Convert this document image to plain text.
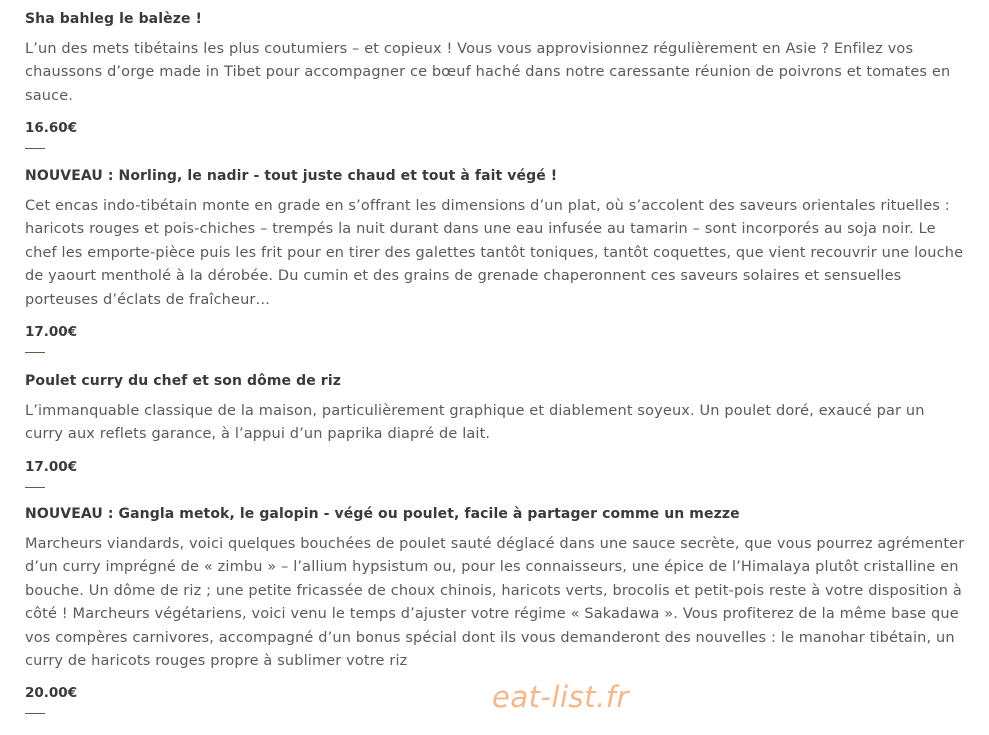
Sha bahleg le balèze !

L’un des mets tibétains les plus coutumiers – et copieux ! Vous vous approvisionnez régulièrement en Asie ? Enfilez vos chaussons d’orge made in Tibet pour accompagner ce bœuf haché dans notre caressante réunion de poivrons et tomates en sauce.

16.60€

NOUVEAU : Norling, le nadir - tout juste chaud et tout à fait végé !

Cet encas indo-tibétain monte en grade en s’offrant les dimensions d’un plat, où s’accolent des saveurs orientales rituelles : haricots rouges et pois-chiches – trempés la nuit durant dans une eau infusée au tamarin – sont incorporés au soja noir. Le chef les emporte-pièce puis les frit pour en tirer des galettes tantôt toniques, tantôt coquettes, que vient recouvrir une louche de yaourt mentholé à la dérobée. Du cumin et des grains de grenade chaperonnent ces saveurs solaires et sensuelles porteuses d’éclats de fraîcheur…

17.00€

Poulet curry du chef et son dôme de riz

L’immanquable classique de la maison, particulièrement graphique et diablement soyeux. Un poulet doré, exaucé par un curry aux reflets garance, à l’appui d’un paprika diapré de lait.

17.00€

NOUVEAU : Gangla metok, le galopin - végé ou poulet, facile à partager comme un mezze

Marcheurs viandards, voici quelques bouchées de poulet sauté déglacé dans une sauce secrète, que vous pourrez agrémenter d’un curry imprégné de « zimbu » – l’allium hypsistum ou, pour les connaisseurs, une épice de l’Himalaya plutôt cristalline en bouche. Un dôme de riz ; une petite fricassée de choux chinois, haricots verts, brocolis et petit-pois reste à votre disposition à côté ! Marcheurs végétariens, voici venu le temps d’ajuster votre régime « Sakadawa ». Vous profiterez de la même base que vos compères carnivores, accompagné d’un bonus spécial dont ils vous demanderont des nouvelles : le manohar tibétain, un curry de haricots rouges propre à sublimer votre riz

20.00€	eat-list.fr
